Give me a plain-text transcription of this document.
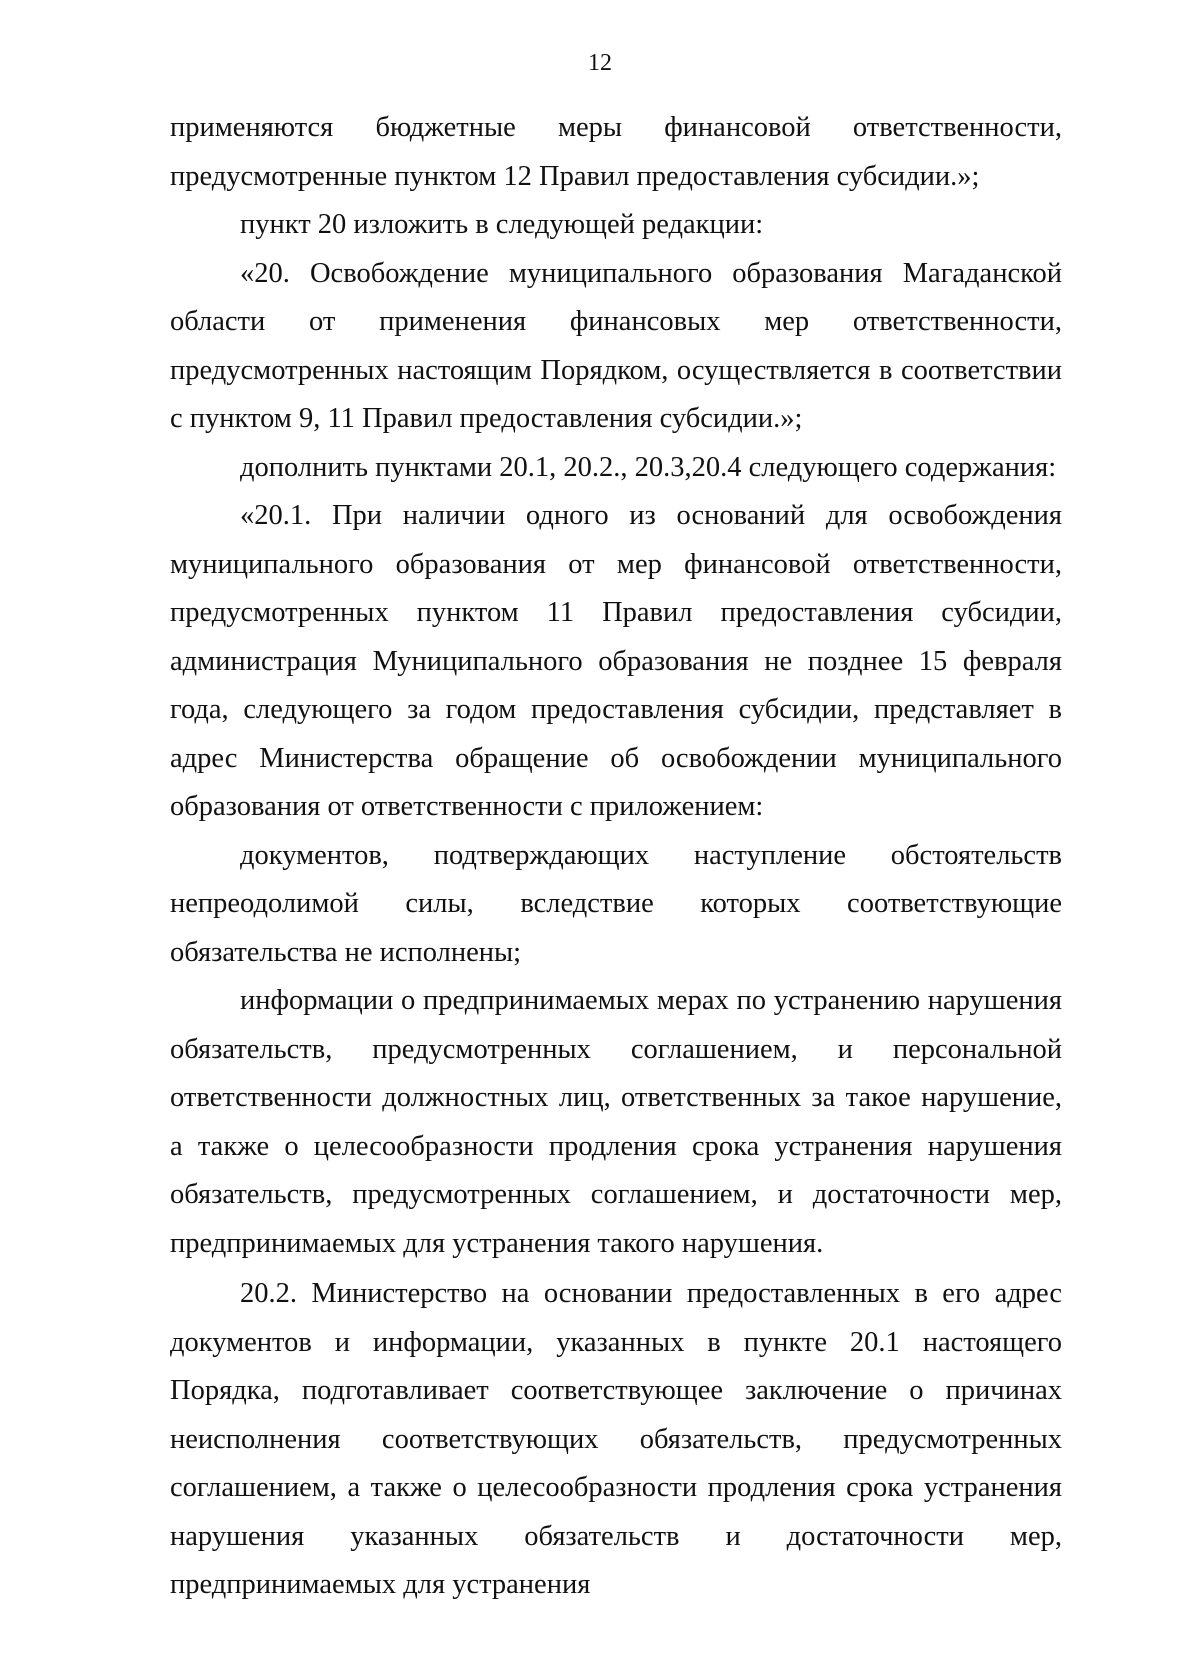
12

применяются бюджетные меры финансовой ответственности, предусмотренные пунктом 12 Правил предоставления субсидии.»;

пункт 20 изложить в следующей редакции:

«20. Освобождение муниципального образования Магаданской области от применения финансовых мер ответственности, предусмотренных настоящим Порядком, осуществляется в соответствии с пунктом 9, 11 Правил предоставления субсидии.»;

дополнить пунктами 20.1, 20.2., 20.3,20.4 следующего содержания:

«20.1. При наличии одного из оснований для освобождения муниципального образования от мер финансовой ответственности, предусмотренных пунктом 11 Правил предоставления субсидии, администрация Муниципального образования не позднее 15 февраля года, следующего за годом предоставления субсидии, представляет в адрес Министерства обращение об освобождении муниципального образования от ответственности с приложением:

документов, подтверждающих наступление обстоятельств непреодолимой силы, вследствие которых соответствующие обязательства не исполнены;

информации о предпринимаемых мерах по устранению нарушения обязательств, предусмотренных соглашением, и персональной ответственности должностных лиц, ответственных за такое нарушение, а также о целесообразности продления срока устранения нарушения обязательств, предусмотренных соглашением, и достаточности мер, предпринимаемых для устранения такого нарушения.

20.2. Министерство на основании предоставленных в его адрес документов и информации, указанных в пункте 20.1 настоящего Порядка, подготавливает соответствующее заключение о причинах неисполнения соответствующих обязательств, предусмотренных соглашением, а также о целесообразности продления срока устранения нарушения указанных обязательств и достаточности мер, предпринимаемых для устранения
